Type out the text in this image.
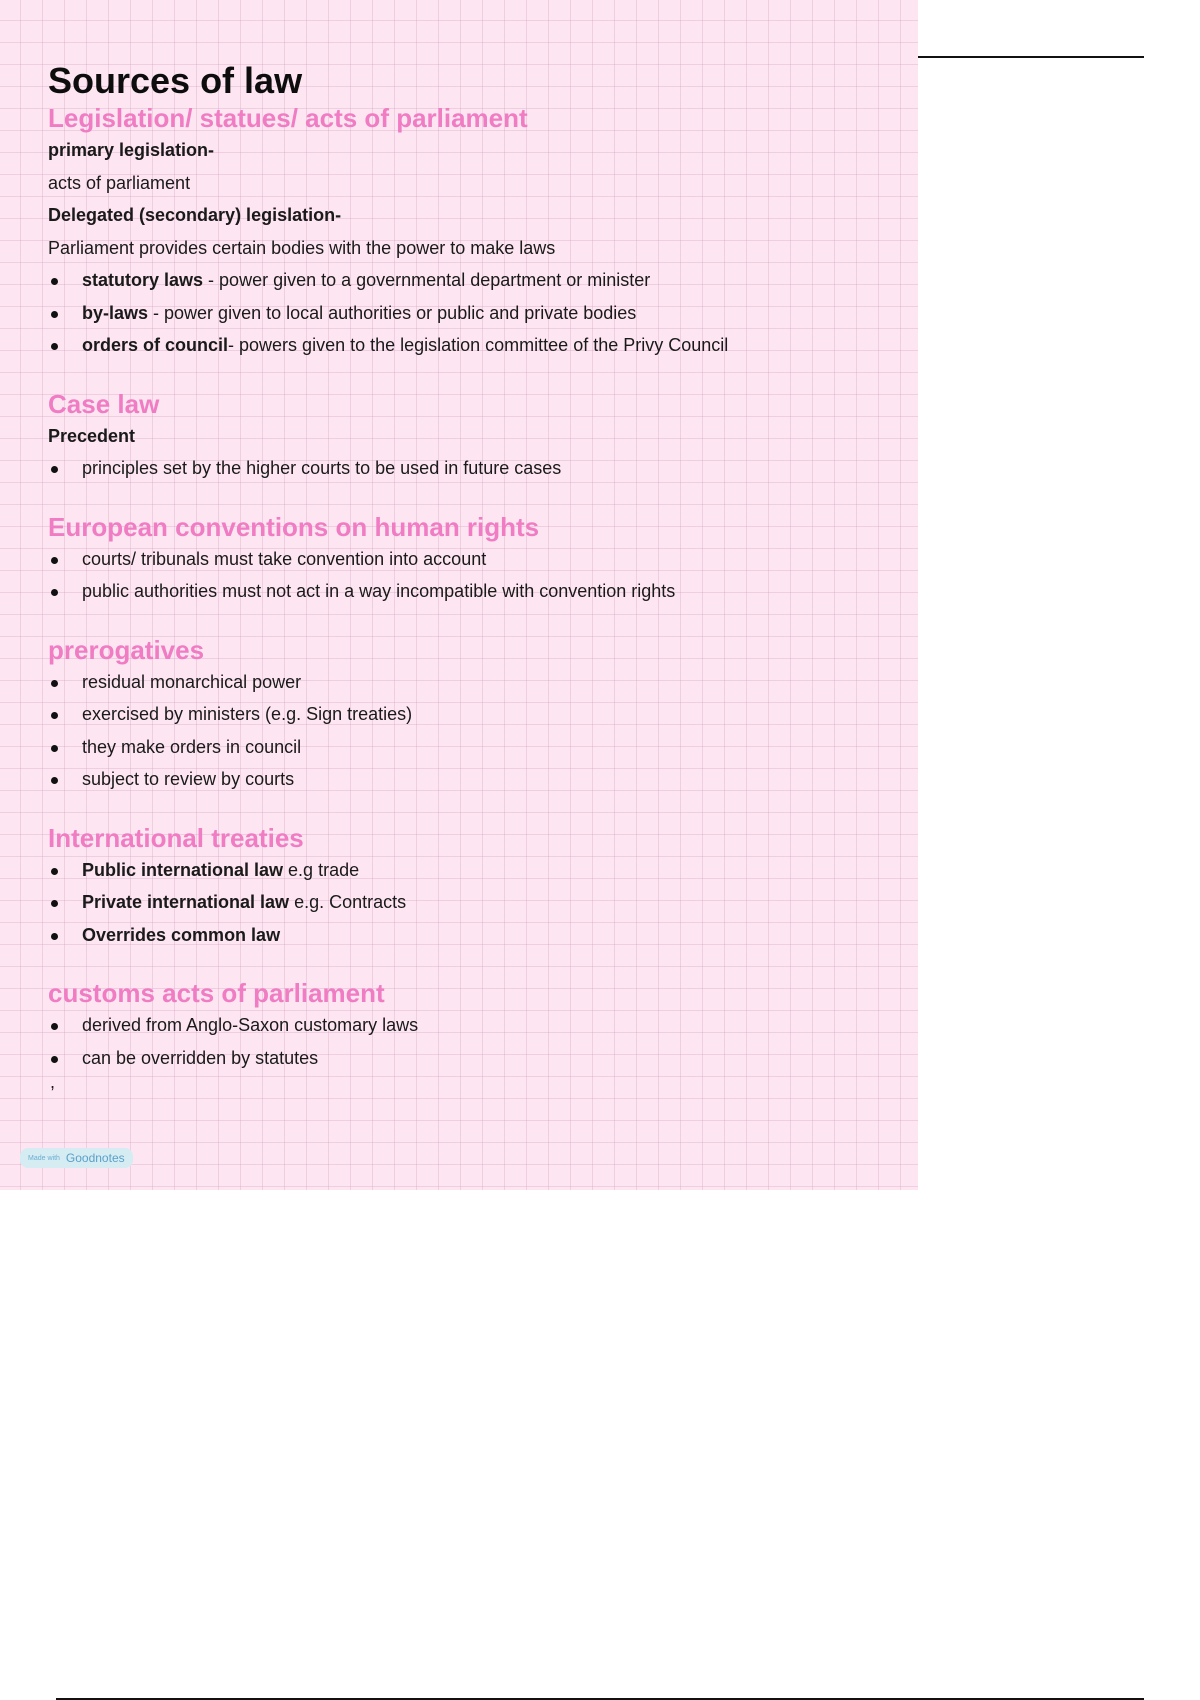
Sources of law
Legislation/ statues/ acts of parliament

primary legislation-

acts of parliament

Delegated (secondary) legislation-

Parliament provides certain bodies with the power to make laws

statutory laws - power given to a governmental department or minister
by-laws - power given to local authorities or public and private bodies
orders of council- powers given to the legislation committee of the Privy Council
Case law

Precedent

principles set by the higher courts to be used in future cases
European conventions on human rights
courts/ tribunals must take convention into account
public authorities must not act in a way incompatible with convention rights
prerogatives
residual monarchical power
exercised by ministers (e.g. Sign treaties)
they make orders in council
subject to review by courts
International treaties
Public international law e.g trade
Private international law e.g. Contracts
Overrides common law
customs acts of parliament
derived from Anglo-Saxon customary laws
can be overridden by statutes

,

Made with Goodnotes
